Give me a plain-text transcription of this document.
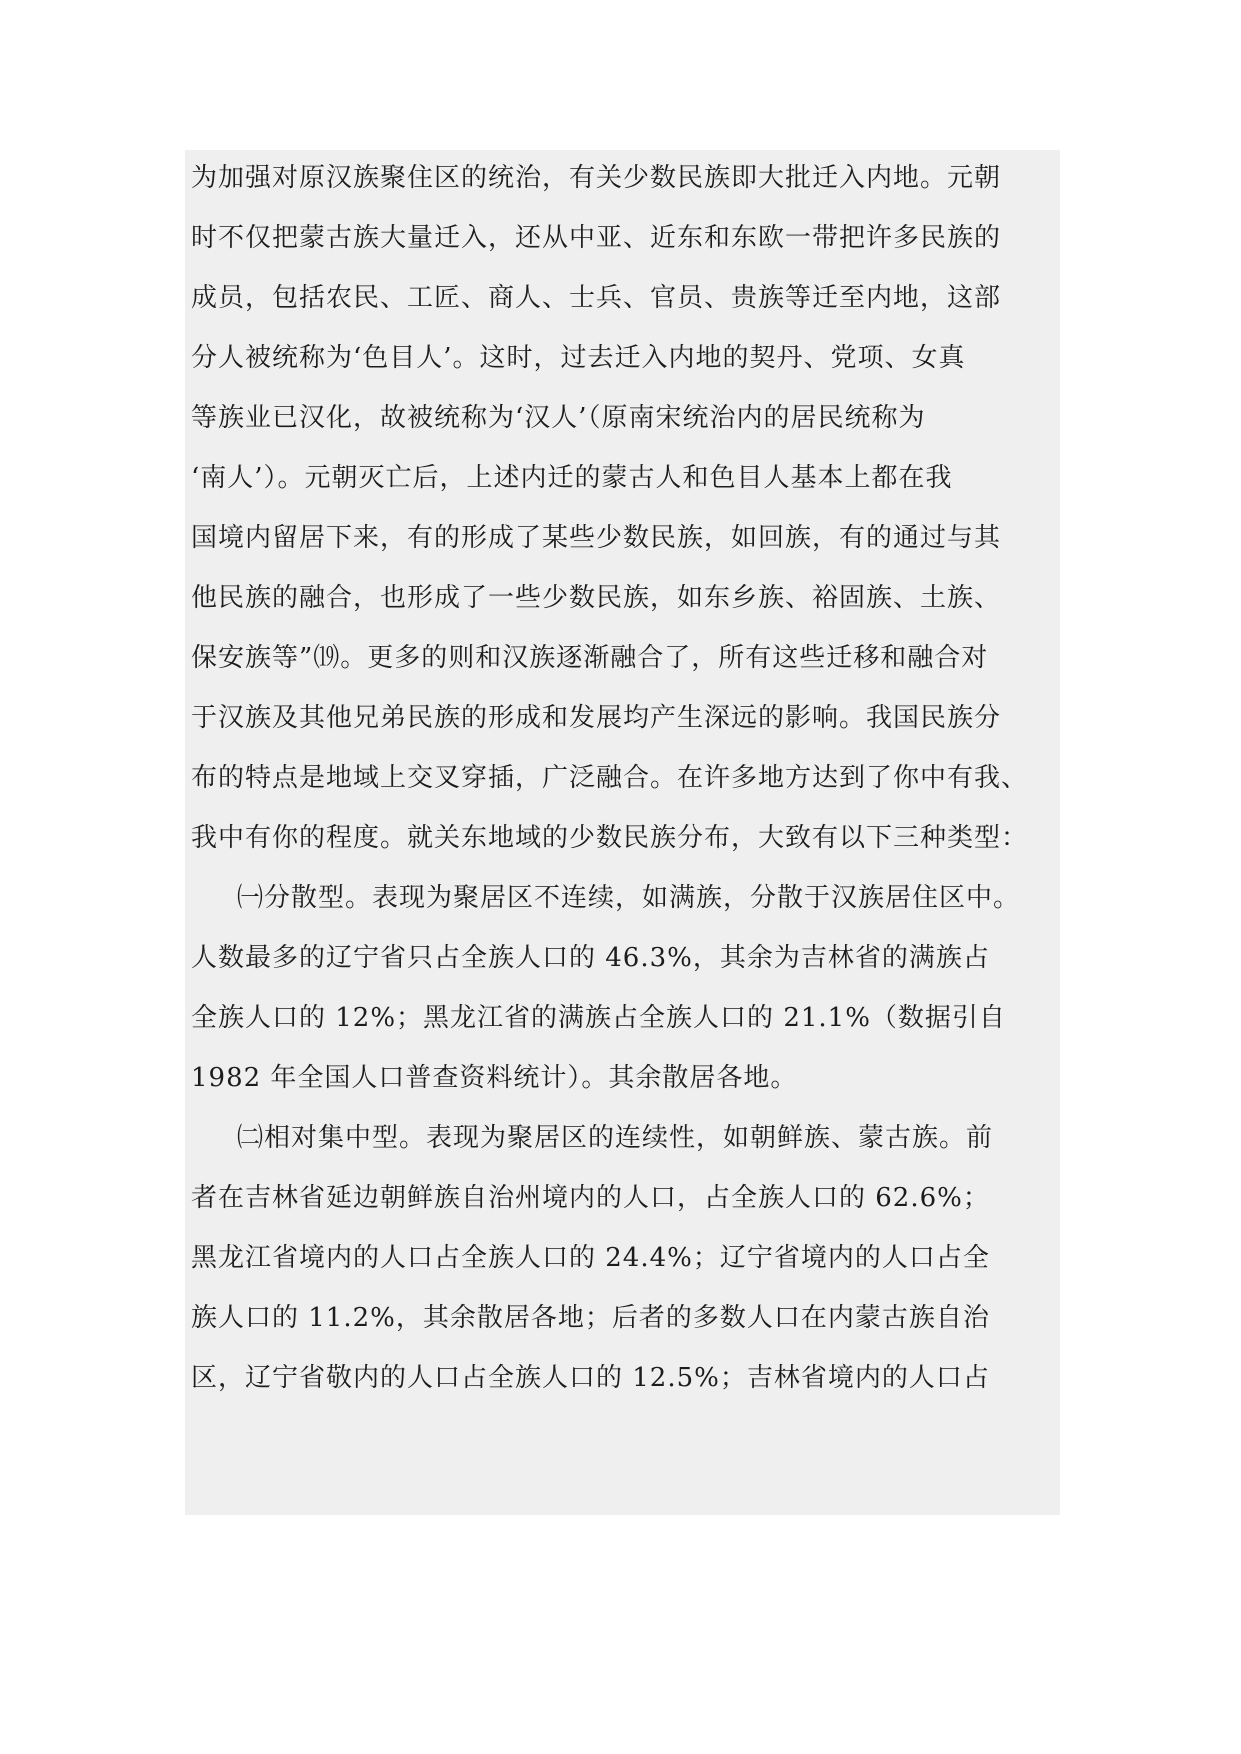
为加强对原汉族聚住区的统治，有关少数民族即大批迁入内地。元朝
时不仅把蒙古族大量迁入，还从中亚、近东和东欧一带把许多民族的
成员，包括农民、工匠、商人、士兵、官员、贵族等迁至内地，这部
分人被统称为‘色目人’。这时，过去迁入内地的契丹、党项、女真
等族业已汉化，故被统称为‘汉人’（原南宋统治内的居民统称为
‘南人’）。元朝灭亡后，上述内迁的蒙古人和色目人基本上都在我
国境内留居下来，有的形成了某些少数民族，如回族，有的通过与其
他民族的融合，也形成了一些少数民族，如东乡族、裕固族、土族、
保安族等”⒆。更多的则和汉族逐渐融合了，所有这些迁移和融合对
于汉族及其他兄弟民族的形成和发展均产生深远的影响。我国民族分
布的特点是地域上交叉穿插，广泛融合。在许多地方达到了你中有我、
我中有你的程度。就关东地域的少数民族分布，大致有以下三种类型：
㈠分散型。表现为聚居区不连续，如满族，分散于汉族居住区中。
人数最多的辽宁省只占全族人口的 46.3%，其余为吉林省的满族占
全族人口的 12%；黑龙江省的满族占全族人口的 21.1%（数据引自
1982 年全国人口普查资料统计）。其余散居各地。
㈡相对集中型。表现为聚居区的连续性，如朝鲜族、蒙古族。前
者在吉林省延边朝鲜族自治州境内的人口，占全族人口的 62.6%；
黑龙江省境内的人口占全族人口的 24.4%；辽宁省境内的人口占全
族人口的 11.2%，其余散居各地；后者的多数人口在内蒙古族自治
区，辽宁省敬内的人口占全族人口的 12.5%；吉林省境内的人口占
